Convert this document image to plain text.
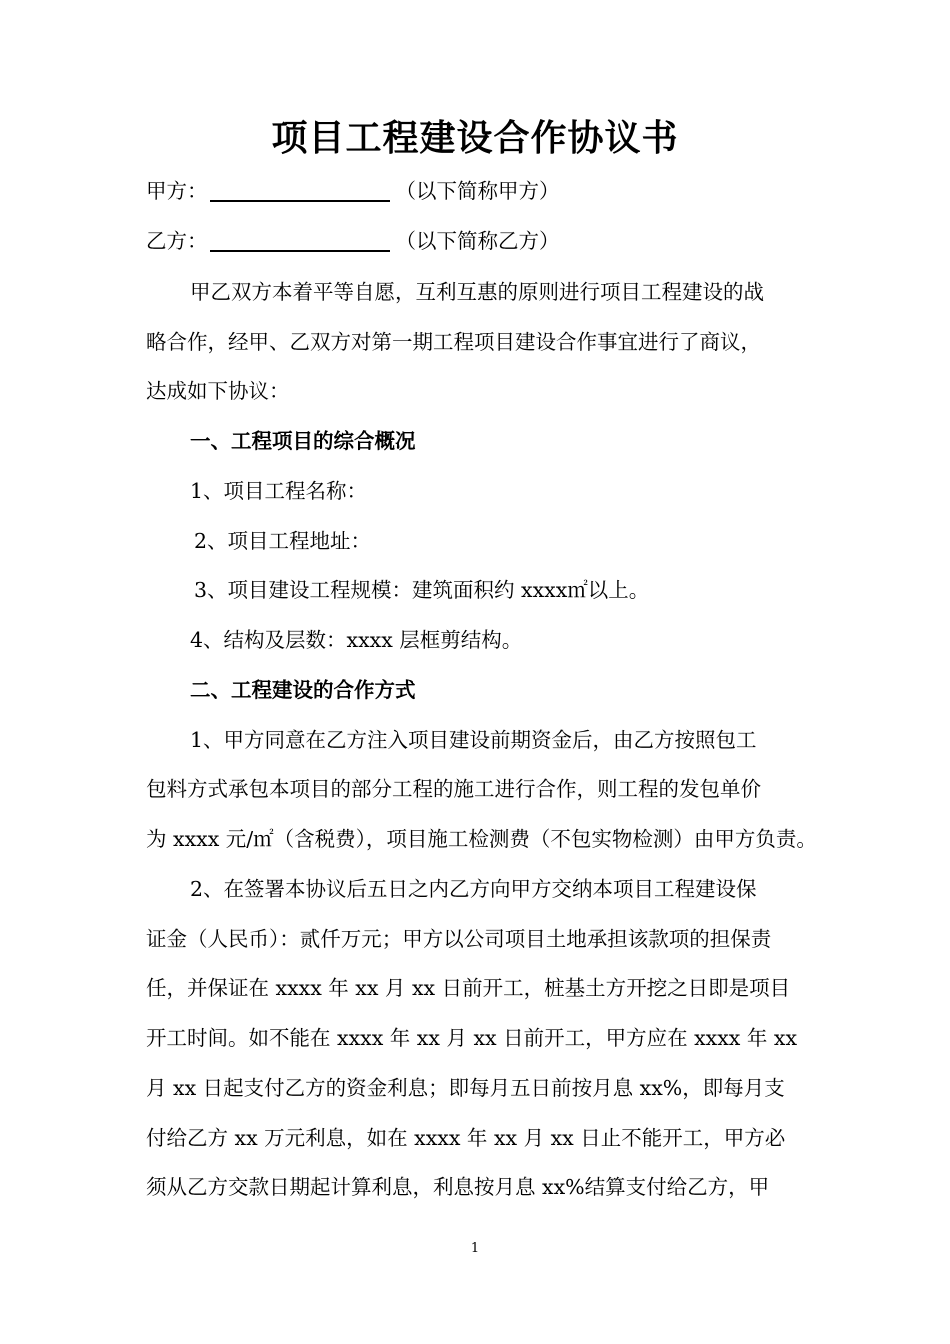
项目工程建设合作协议书
甲方：	（以下简称甲方）
乙方：	（以下简称乙方）
甲乙双方本着平等自愿，互利互惠的原则进行项目工程建设的战
略合作，经甲、乙双方对第一期工程项目建设合作事宜进行了商议，
达成如下协议：
一、工程项目的综合概况
1、项目工程名称：
2、项目工程地址：
3、项目建设工程规模：建筑面积约 xxxx㎡以上。
4、结构及层数：xxxx 层框剪结构。
二、工程建设的合作方式
1、甲方同意在乙方注入项目建设前期资金后，由乙方按照包工
包料方式承包本项目的部分工程的施工进行合作，则工程的发包单价
为 xxxx 元/㎡（含税费），项目施工检测费（不包实物检测）由甲方负责。
2、在签署本协议后五日之内乙方向甲方交纳本项目工程建设保
证金（人民币）：贰仟万元；甲方以公司项目土地承担该款项的担保责
任，并保证在 xxxx 年 xx 月 xx 日前开工，桩基土方开挖之日即是项目
开工时间。如不能在 xxxx 年 xx 月 xx 日前开工，甲方应在 xxxx 年 xx
月 xx 日起支付乙方的资金利息；即每月五日前按月息 xx%，即每月支
付给乙方 xx 万元利息，如在 xxxx 年 xx 月 xx 日止不能开工，甲方必
须从乙方交款日期起计算利息，利息按月息 xx%结算支付给乙方，甲
1
